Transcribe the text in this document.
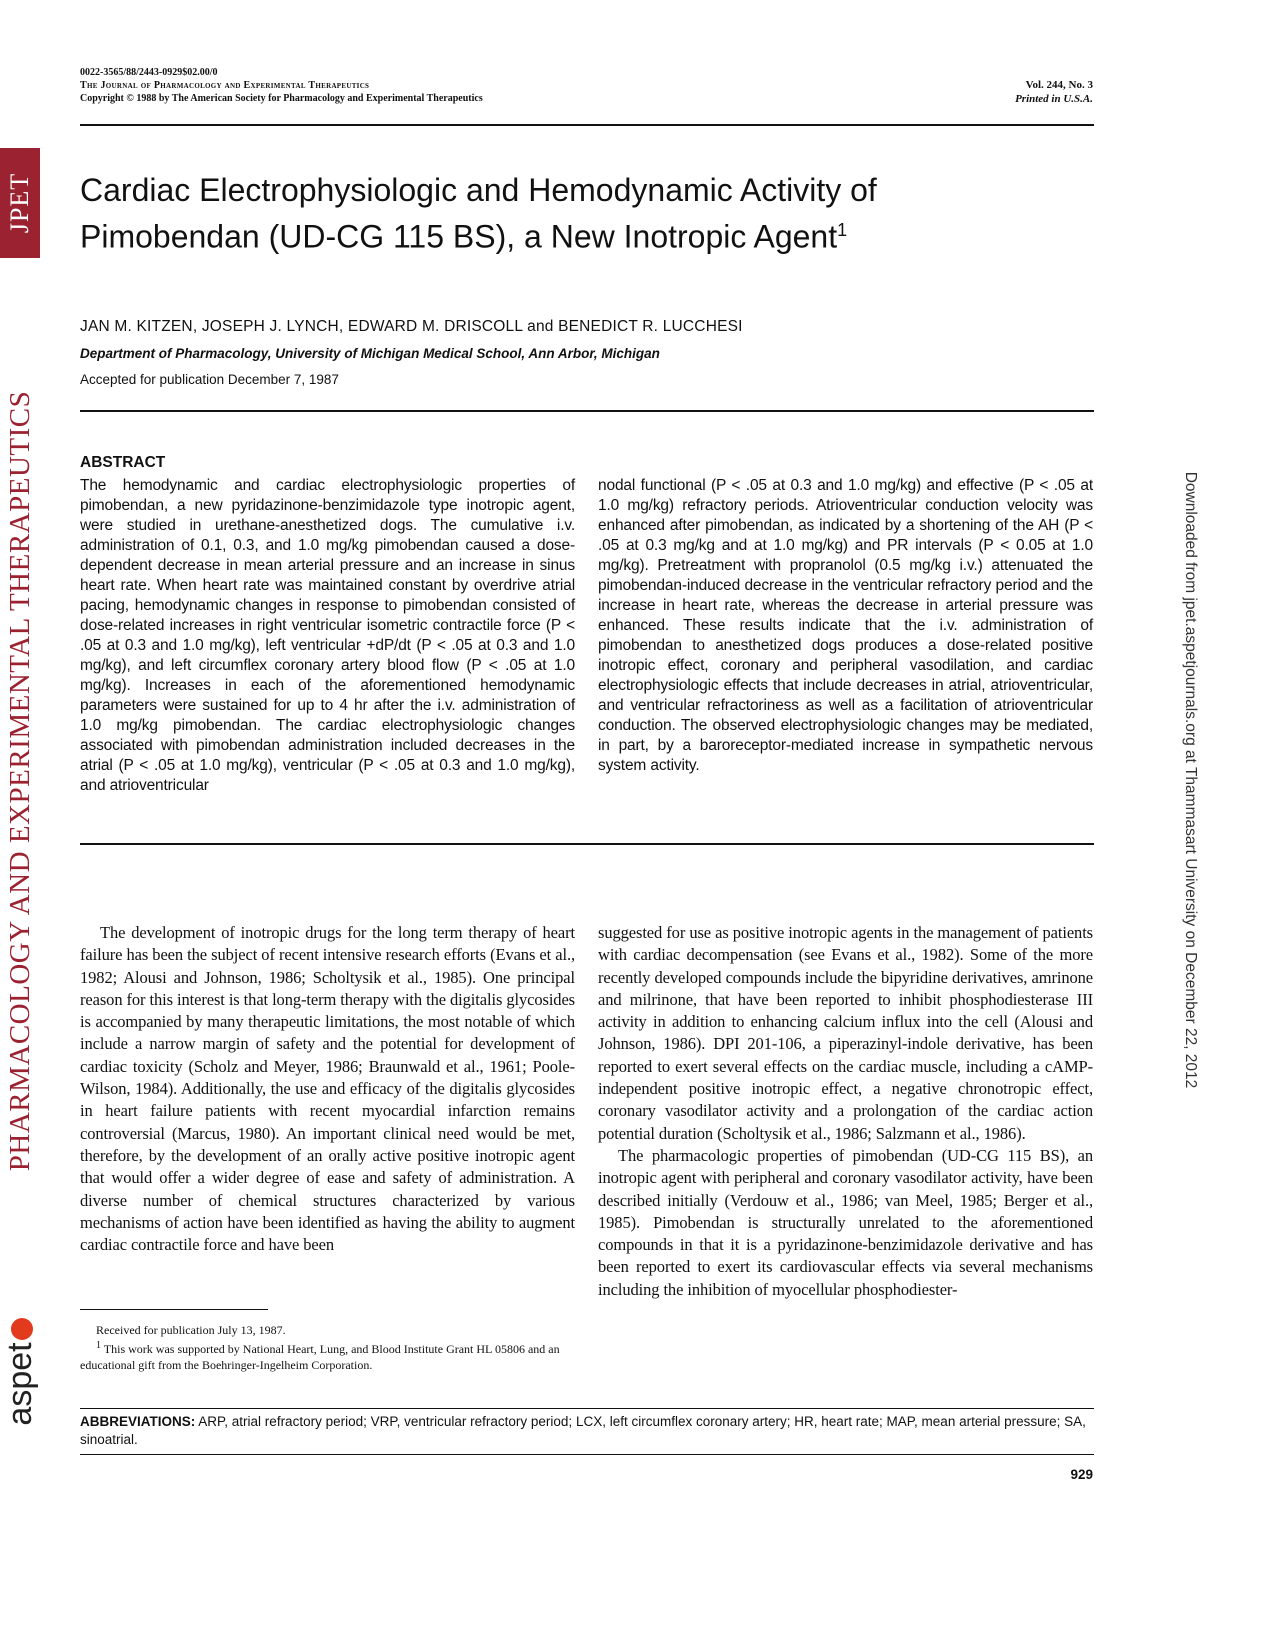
JPET
PHARMACOLOGY AND EXPERIMENTAL THERAPEUTICS
aspet
Downloaded from jpet.aspetjournals.org at Thammasart University on December 22, 2012
0022-3565/88/2443-0929$02.00/0
The Journal of Pharmacology and Experimental Therapeutics
Copyright © 1988 by The American Society for Pharmacology and Experimental Therapeutics
Vol. 244, No. 3
Printed in U.S.A.
Cardiac Electrophysiologic and Hemodynamic Activity of
Pimobendan (UD-CG 115 BS), a New Inotropic Agent$^1$
JAN M. KITZEN, JOSEPH J. LYNCH, EDWARD M. DRISCOLL and BENEDICT R. LUCCHESI
Department of Pharmacology, University of Michigan Medical School, Ann Arbor, Michigan
Accepted for publication December 7, 1987
ABSTRACT
The hemodynamic and cardiac electrophysiologic properties of pimobendan, a new pyridazinone-benzimidazole type inotropic agent, were studied in urethane-anesthetized dogs. The cumulative i.v. administration of 0.1, 0.3, and 1.0 mg/kg pimobendan caused a dose-dependent decrease in mean arterial pressure and an increase in sinus heart rate. When heart rate was maintained constant by overdrive atrial pacing, hemodynamic changes in response to pimobendan consisted of dose-related increases in right ventricular isometric contractile force (P < .05 at 0.3 and 1.0 mg/kg), left ventricular +dP/dt (P < .05 at 0.3 and 1.0 mg/kg), and left circumflex coronary artery blood flow (P < .05 at 1.0 mg/kg). Increases in each of the aforementioned hemodynamic parameters were sustained for up to 4 hr after the i.v. administration of 1.0 mg/kg pimobendan. The cardiac electrophysiologic changes associated with pimobendan administration included decreases in the atrial (P < .05 at 1.0 mg/kg), ventricular (P < .05 at 0.3 and 1.0 mg/kg), and atrioventricular
nodal functional (P < .05 at 0.3 and 1.0 mg/kg) and effective (P < .05 at 1.0 mg/kg) refractory periods. Atrioventricular conduction velocity was enhanced after pimobendan, as indicated by a shortening of the AH (P < .05 at 0.3 mg/kg and at 1.0 mg/kg) and PR intervals (P < 0.05 at 1.0 mg/kg). Pretreatment with propranolol (0.5 mg/kg i.v.) attenuated the pimobendan-induced decrease in the ventricular refractory period and the increase in heart rate, whereas the decrease in arterial pressure was enhanced. These results indicate that the i.v. administration of pimobendan to anesthetized dogs produces a dose-related positive inotropic effect, coronary and peripheral vasodilation, and cardiac electrophysiologic effects that include decreases in atrial, atrioventricular, and ventricular refractoriness as well as a facilitation of atrioventricular conduction. The observed electrophysiologic changes may be mediated, in part, by a baroreceptor-mediated increase in sympathetic nervous system activity.

The development of inotropic drugs for the long term therapy of heart failure has been the subject of recent intensive research efforts (Evans et al., 1982; Alousi and Johnson, 1986; Scholtysik et al., 1985). One principal reason for this interest is that long-term therapy with the digitalis glycosides is accompanied by many therapeutic limitations, the most notable of which include a narrow margin of safety and the potential for development of cardiac toxicity (Scholz and Meyer, 1986; Braunwald et al., 1961; Poole-Wilson, 1984). Additionally, the use and efficacy of the digitalis glycosides in heart failure patients with recent myocardial infarction remains controversial (Marcus, 1980). An important clinical need would be met, therefore, by the development of an orally active positive inotropic agent that would offer a wider degree of ease and safety of administration. A diverse number of chemical structures characterized by various mechanisms of action have been identified as having the ability to augment cardiac contractile force and have been

suggested for use as positive inotropic agents in the management of patients with cardiac decompensation (see Evans et al., 1982). Some of the more recently developed compounds include the bipyridine derivatives, amrinone and milrinone, that have been reported to inhibit phosphodiesterase III activity in addition to enhancing calcium influx into the cell (Alousi and Johnson, 1986). DPI 201-106, a piperazinyl-indole derivative, has been reported to exert several effects on the cardiac muscle, including a cAMP-independent positive inotropic effect, a negative chronotropic effect, coronary vasodilator activity and a prolongation of the cardiac action potential duration (Scholtysik et al., 1986; Salzmann et al., 1986).

The pharmacologic properties of pimobendan (UD-CG 115 BS), an inotropic agent with peripheral and coronary vasodilator activity, have been described initially (Verdouw et al., 1986; van Meel, 1985; Berger et al., 1985). Pimobendan is structurally unrelated to the aforementioned compounds in that it is a pyridazinone-benzimidazole derivative and has been reported to exert its cardiovascular effects via several mechanisms including the inhibition of myocellular phosphodiester-

Received for publication July 13, 1987.

$^1$ This work was supported by National Heart, Lung, and Blood Institute Grant HL 05806 and an educational gift from the Boehringer-Ingelheim Corporation.

ABBREVIATIONS: ARP, atrial refractory period; VRP, ventricular refractory period; LCX, left circumflex coronary artery; HR, heart rate; MAP, mean arterial pressure; SA, sinoatrial.
929
